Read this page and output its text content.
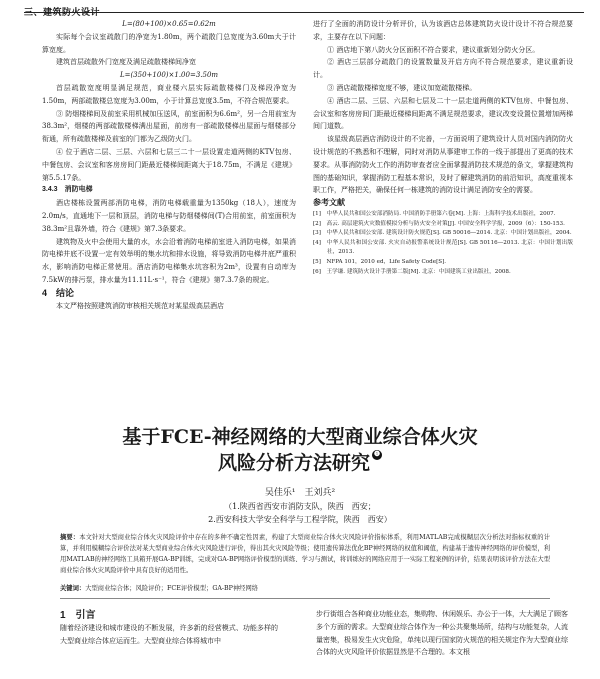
三、建筑防火设计

L=(80+100)×0.65=0.62m

实际每个会议室疏散门的净宽为1.80m，两个疏散门总宽度为3.60m大于计算宽度。

建筑首层疏散外门宽度及满足疏散楼梯间净宽

L=(350+100)×1.00=3.50m

首层疏散宽度明显满足规范，商业楼六层实际疏散楼梯门及梯段净宽为1.50m，两部疏散楼总宽度为3.00m，小于计算总宽度3.5m，不符合规范要求。

③ 防烟楼梯间及前室采用机械加压送风，前室面积为6.6m²，另一合用前室为38.3m²，烟楼的两部疏散楼梯满出屋面，前房有一部疏散楼梯出屋面与烟楼部分衔通，所有疏散楼梯及前室的门都为乙级防火门。

④ 位于酒店二层、三层、六层和七层三二十一层设置走道两侧的KTV包房、中餐包房、会议室和客房房间门距最近楼梯间距离大于18.75m，不满足《建规》第5.5.17条。

3.4.3　消防电梯

酒店楼栋设置两部消防电梯，消防电梯载重量为1350kg（18人），速度为2.0m/s，直通地下一层和顶层，消防电梯与防烟楼梯间(T)合用前室，前室面积为38.3m²且靠外墙，符合《建规》第7.3条要求。

建筑物及火中会使用大量的水，水会沿着消防电梯前室进入消防电梯，如果消防电梯井底不设置一定有效举明的集水坑和排水设施，将导致消防电梯井底严重积水，影响消防电梯正常使用。酒店消防电梯集水坑容积为2m³，设置有自动库为7.5kW的排污泵，排水量为11.11L·s⁻¹，符合《建规》第7.3.7条的规定。

4　结论

本文严格按照建筑消防审核相关规范对某星级高层酒店

进行了全面的消防设计分析评价，认为该酒店总体建筑防火设计设计不符合规范要求，主要存在以下问题：

① 酒店地下第八防火分区面积不符合要求，建议重新划分防火分区。

② 酒店三层部分疏散门的设置数量及开启方向不符合规范要求，建议重新设计。

③ 酒店疏散楼梯宽度不够，建议加宽疏散楼梯。

④ 酒店二层、三层、六层和七层及二十一层走道两侧的KTV包房、中餐包房、会议室和客房房间门距最近楼梯间距离不满足规范要求，建议改变设置位置增加两梯间门道数。

该星级高层酒店消防设计的不完善，一方面说明了建筑设计人员对国内消防防火设计规范的不熟悉和不理解，同时对消防从事建审工作的一线于部提出了更高的技术要求。从事消防防火工作的消防审查者应全面掌握消防技术规范的条文，掌握建筑构图的基础知识，掌握消防工程基本常识，及时了解建筑消防的前沿知识，高度重视本职工作，严格把关，确保任何一栋建筑的消防设计满足消防安全的需要。

参考文献

[1]　中华人民共和国公安部消防局. 中国消防手册第六卷[M]. 上海：上海科学技术出版社，2007.

[2]　高云. 高层建筑火灾数值模拟分析与防火安全对策[J]. 中国安全科学学报，2009（6）：150-153.

[3]　中华人民共和国公安部. 建筑设计防火规范[S]. GB 50016—2014. 北京：中国计划出版社，2004.

[4]　中华人民共和国公安部. 火灾自动报警系统设计规范[S]. GB 50116—2013. 北京：中国计划出版社，2013.

[5]　NFPA 101，2010 ed，Life Safety Code[S].

[6]　王学谦. 建筑防火设计手册第二版[M]. 北京：中国建筑工业出版社，2008.

基于FCE-神经网络的大型商业综合体火灾
风险分析方法研究 ❶
吴佳乐¹　王刘兵²
（1.陕西省西安市消防支队，陕西　西安；
2.西安科技大学安全科学与工程学院，陕西　西安）
摘要：本文针对大型商业综合体火灾风险评价中存在的多种不确定性因素，构建了大型商业综合体火灾风险评价指标体系，利用MATLAB完成模糊层次分析法对指标权重的计算，并利用模糊综合评价法对某大型商业综合体火灾风险进行评价，得出其火灾风险等级；使用遗传算法优化BP神经网络的权值和阈值，构建基于遗传神经网络的评价模型，利用MATLAB的神经网络工具箱开展GA-BP训练，完成对GA-BP网络评价模型的训练、学习与测试，将训练好的网络应用于一实际工程案例的评价，结果表明该评价方法在大型商业综合体火灾风险评价中具有良好的适用性。
关键词：大型商业综合体；风险评价；FCE评价模型；GA-BP神经网络
1　引言
随着经济建设和城市建设的不断发展，许多新的经营模式、功能多样的大型商业综合体应运而生。大型商业综合体将城市中
步行街组合各种商业功能业态，集购物、休闲娱乐、办公于一体，大大满足了顾客多个方面的需求。大型商业综合体作为一种公共聚集场所，结构与功能复杂，人流量密集，极易发生火灾危险，单纯以现行国家防火规范的相关规定作为大型商业综合体的火灾风险评价依据显然是不合理的。本文根
